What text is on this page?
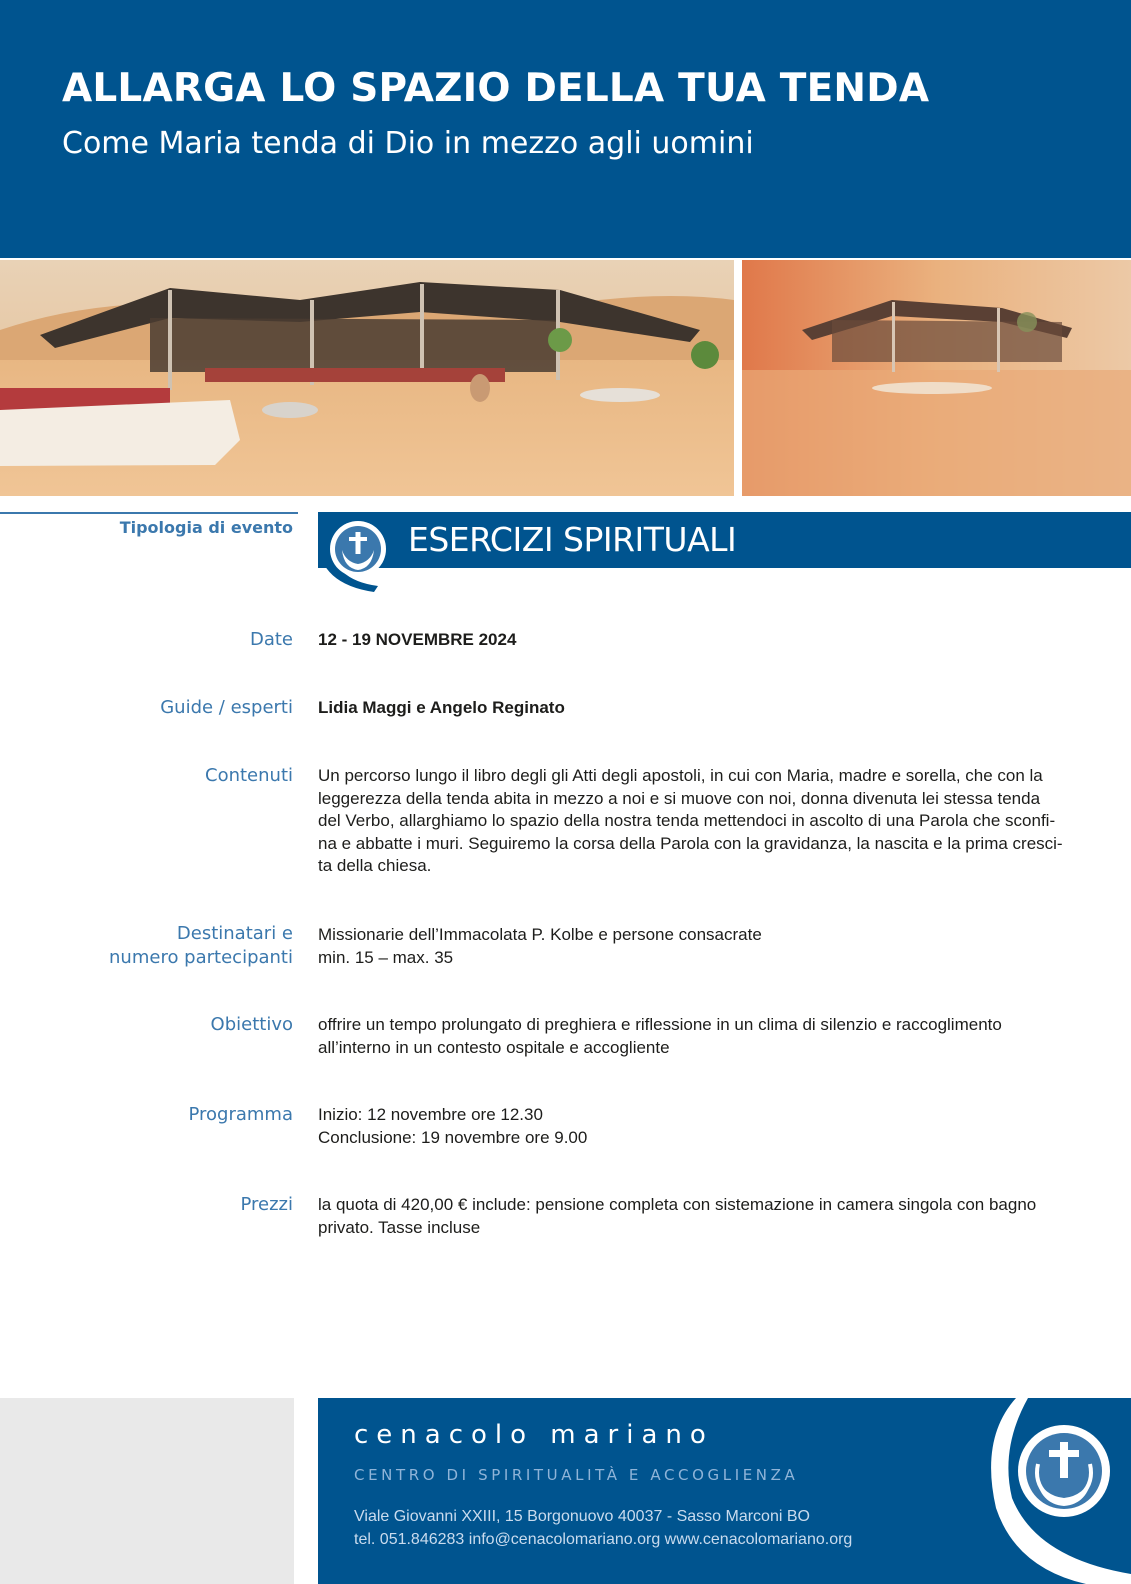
ALLARGA LO SPAZIO DELLA TUA TENDA
Come Maria tenda di Dio in mezzo agli uomini
Tipologia di evento	ESERCIZI SPIRITUALI
Date 12 - 19 NOVEMBRE 2024
Guide / esperti Lidia Maggi e Angelo Reginato
Contenuti Un percorso lungo il libro degli gli Atti degli apostoli, in cui con Maria, madre e sorella, che con la
leggerezza della tenda abita in mezzo a noi e si muove con noi, donna divenuta lei stessa tenda
del Verbo, allarghiamo lo spazio della nostra tenda mettendoci in ascolto di una Parola che sconfi-
na e abbatte i muri. Seguiremo la corsa della Parola con la gravidanza, la nascita e la prima cresci-
ta della chiesa.
Destinatari e
numero partecipanti
Missionarie dell’Immacolata P. Kolbe e persone consacrate
min. 15 – max. 35
Obiettivo offrire un tempo prolungato di preghiera e riflessione in un clima di silenzio e raccoglimento
all’interno in un contesto ospitale e accogliente
Programma Inizio: 12 novembre ore 12.30
Conclusione: 19 novembre ore 9.00
Prezzi la quota di 420,00 € include: pensione completa con sistemazione in camera singola con bagno
privato. Tasse incluse
cenacolo mariano
CENTRO DI SPIRITUALITÀ E ACCOGLIENZA
Viale Giovanni XXIII, 15 Borgonuovo 40037 - Sasso Marconi BO
tel. 051.846283 info@cenacolomariano.org www.cenacolomariano.org
